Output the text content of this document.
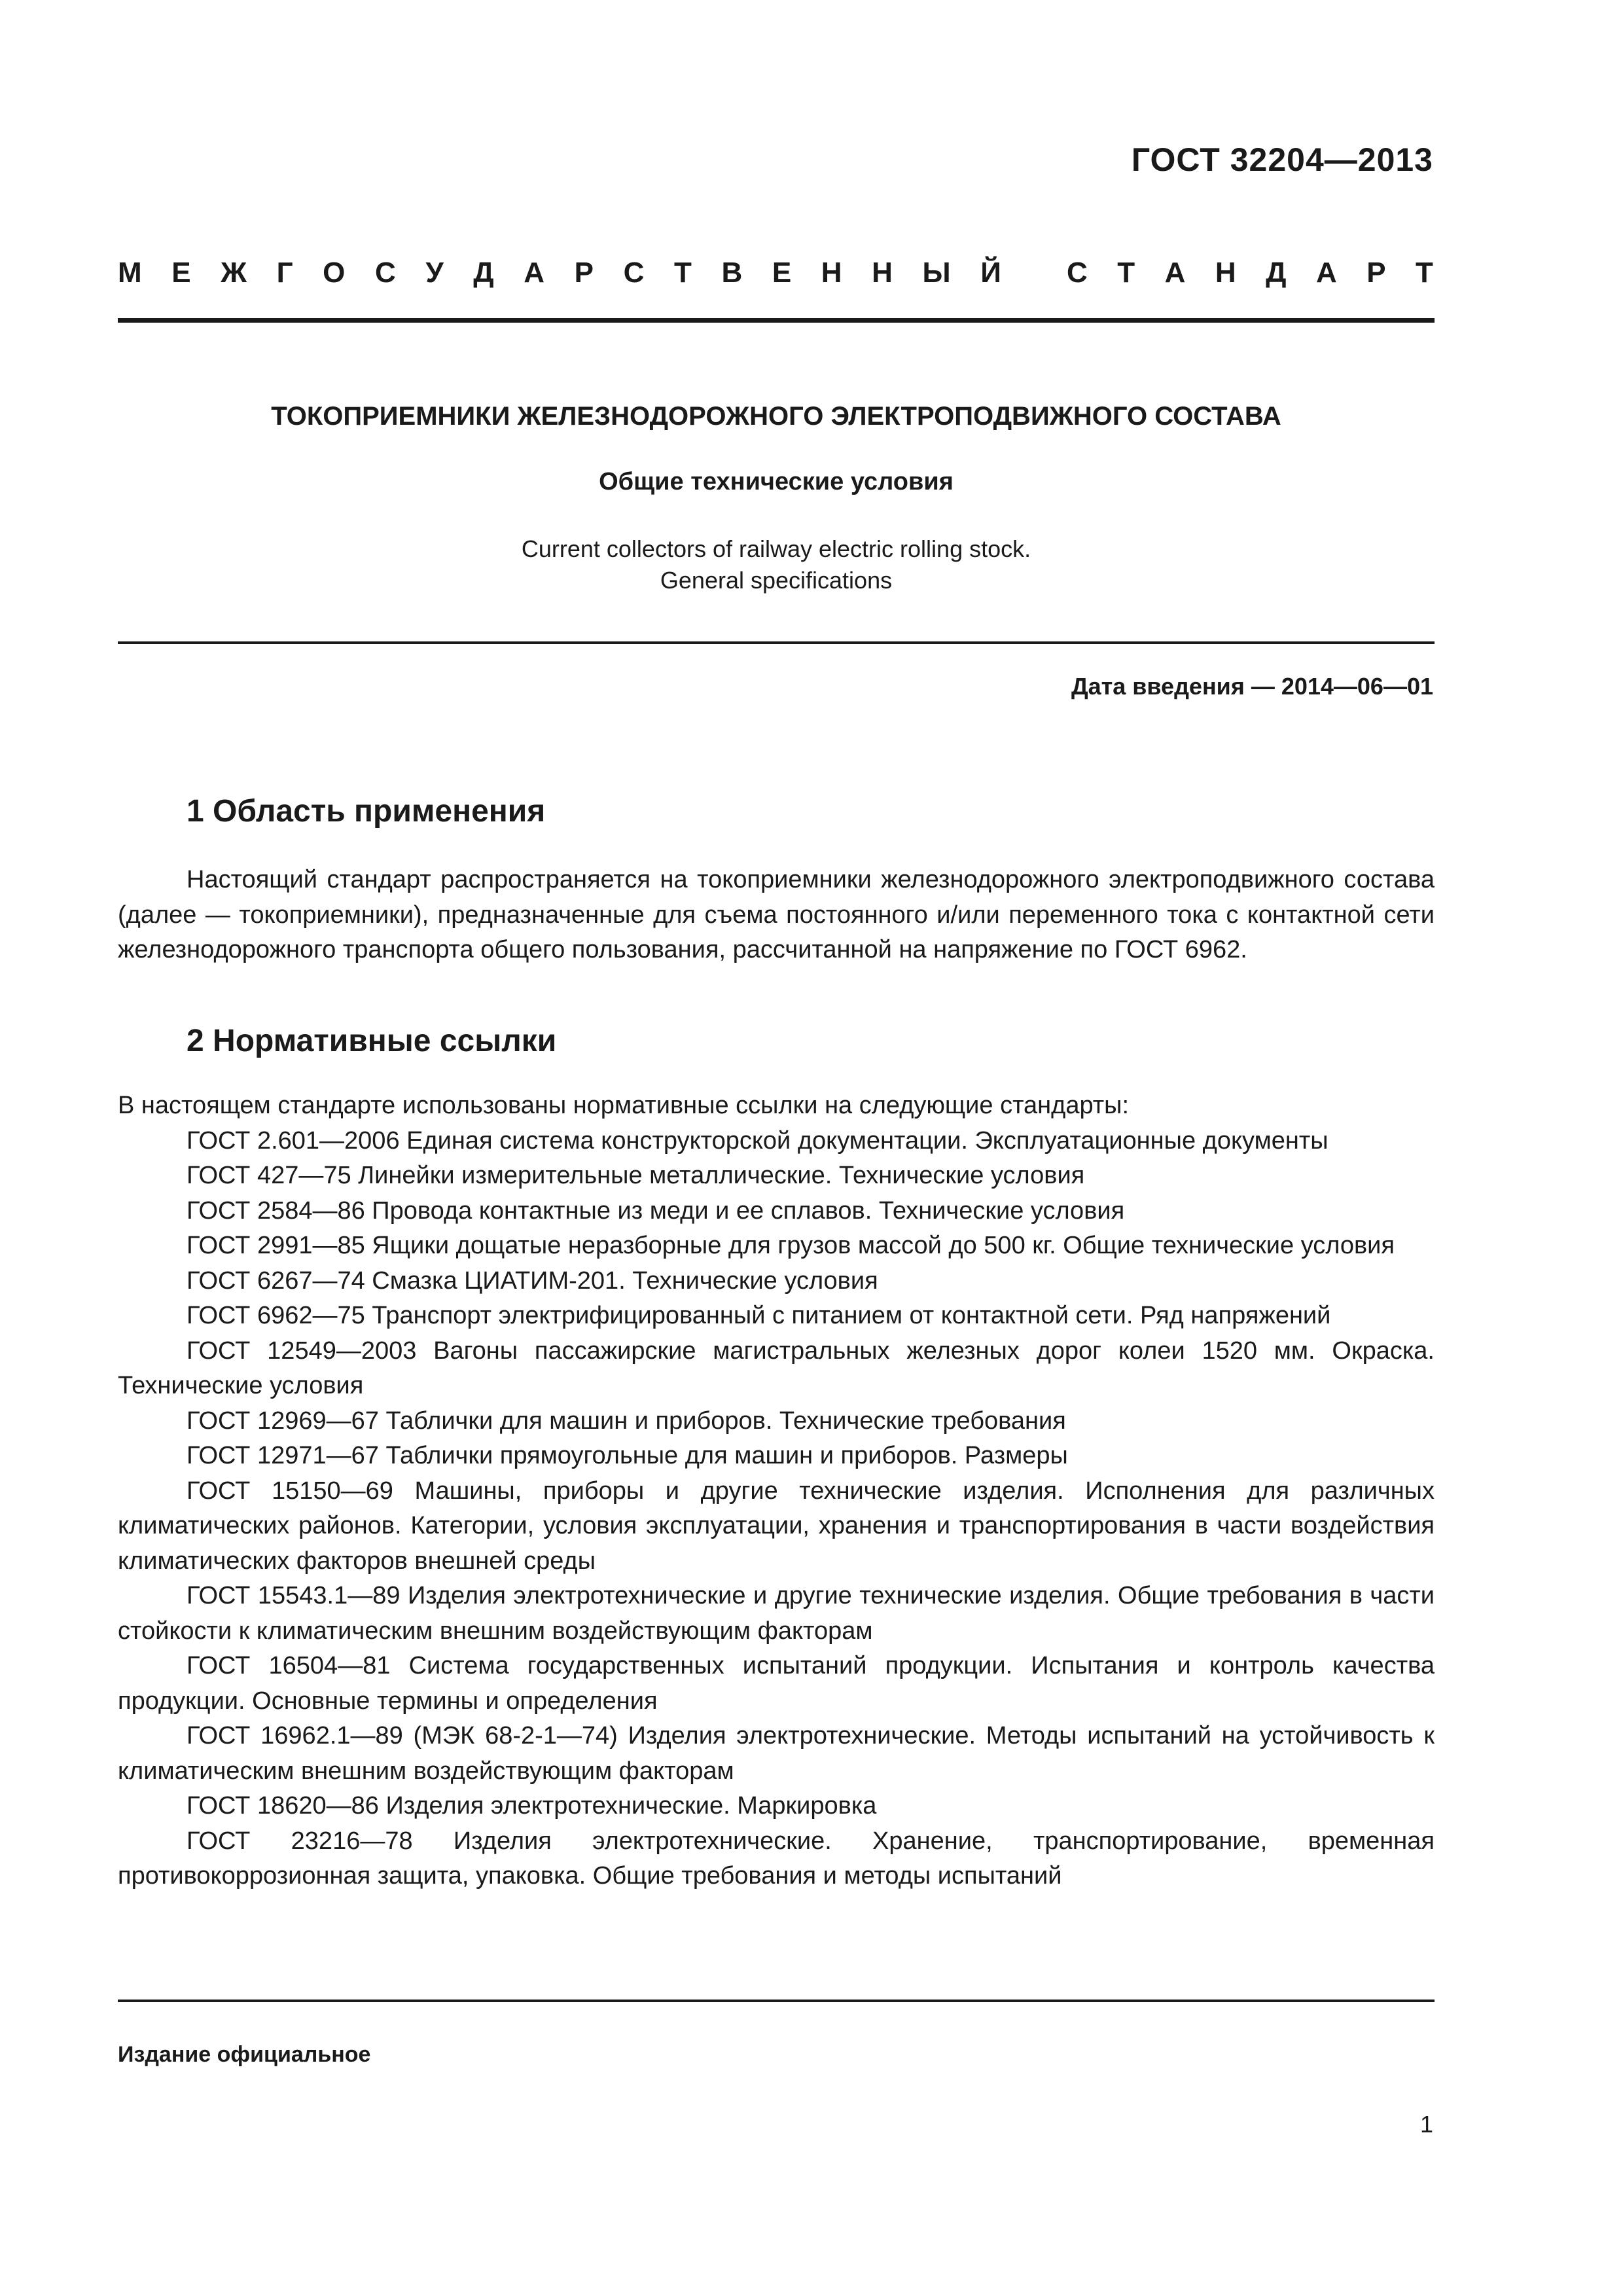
ГОСТ 32204—2013
М Е Ж Г О С У Д А Р С Т В Е Н Н Ы Й С Т А Н Д А Р Т
ТОКОПРИЕМНИКИ ЖЕЛЕЗНОДОРОЖНОГО ЭЛЕКТРОПОДВИЖНОГО СОСТАВА
Общие технические условия
Current collectors of railway electric rolling stock.
General specifications
Дата введения — 2014—06—01
1 Область применения

Настоящий стандарт распространяется на токоприемники железнодорожного электроподвижного состава (далее — токоприемники), предназначенные для съема постоянного и/или переменного тока с контактной сети железнодорожного транспорта общего пользования, рассчитанной на напряжение по ГОСТ 6962.

2 Нормативные ссылки

В настоящем стандарте использованы нормативные ссылки на следующие стандарты:

ГОСТ 2.601—2006 Единая система конструкторской документации. Эксплуатационные документы

ГОСТ 427—75 Линейки измерительные металлические. Технические условия

ГОСТ 2584—86 Провода контактные из меди и ее сплавов. Технические условия

ГОСТ 2991—85 Ящики дощатые неразборные для грузов массой до 500 кг. Общие технические условия

ГОСТ 6267—74 Смазка ЦИАТИМ-201. Технические условия

ГОСТ 6962—75 Транспорт электрифицированный с питанием от контактной сети. Ряд напряжений

ГОСТ 12549—2003 Вагоны пассажирские магистральных железных дорог колеи 1520 мм. Окраска. Технические условия

ГОСТ 12969—67 Таблички для машин и приборов. Технические требования

ГОСТ 12971—67 Таблички прямоугольные для машин и приборов. Размеры

ГОСТ 15150—69 Машины, приборы и другие технические изделия. Исполнения для различных климатических районов. Категории, условия эксплуатации, хранения и транспортирования в части воздействия климатических факторов внешней среды

ГОСТ 15543.1—89 Изделия электротехнические и другие технические изделия. Общие требования в части стойкости к климатическим внешним воздействующим факторам

ГОСТ 16504—81 Система государственных испытаний продукции. Испытания и контроль качества продукции. Основные термины и определения

ГОСТ 16962.1—89 (МЭК 68-2-1—74) Изделия электротехнические. Методы испытаний на устойчивость к климатическим внешним воздействующим факторам

ГОСТ 18620—86 Изделия электротехнические. Маркировка

ГОСТ 23216—78 Изделия электротехнические. Хранение, транспортирование, временная противокоррозионная защита, упаковка. Общие требования и методы испытаний

Издание официальное
1
